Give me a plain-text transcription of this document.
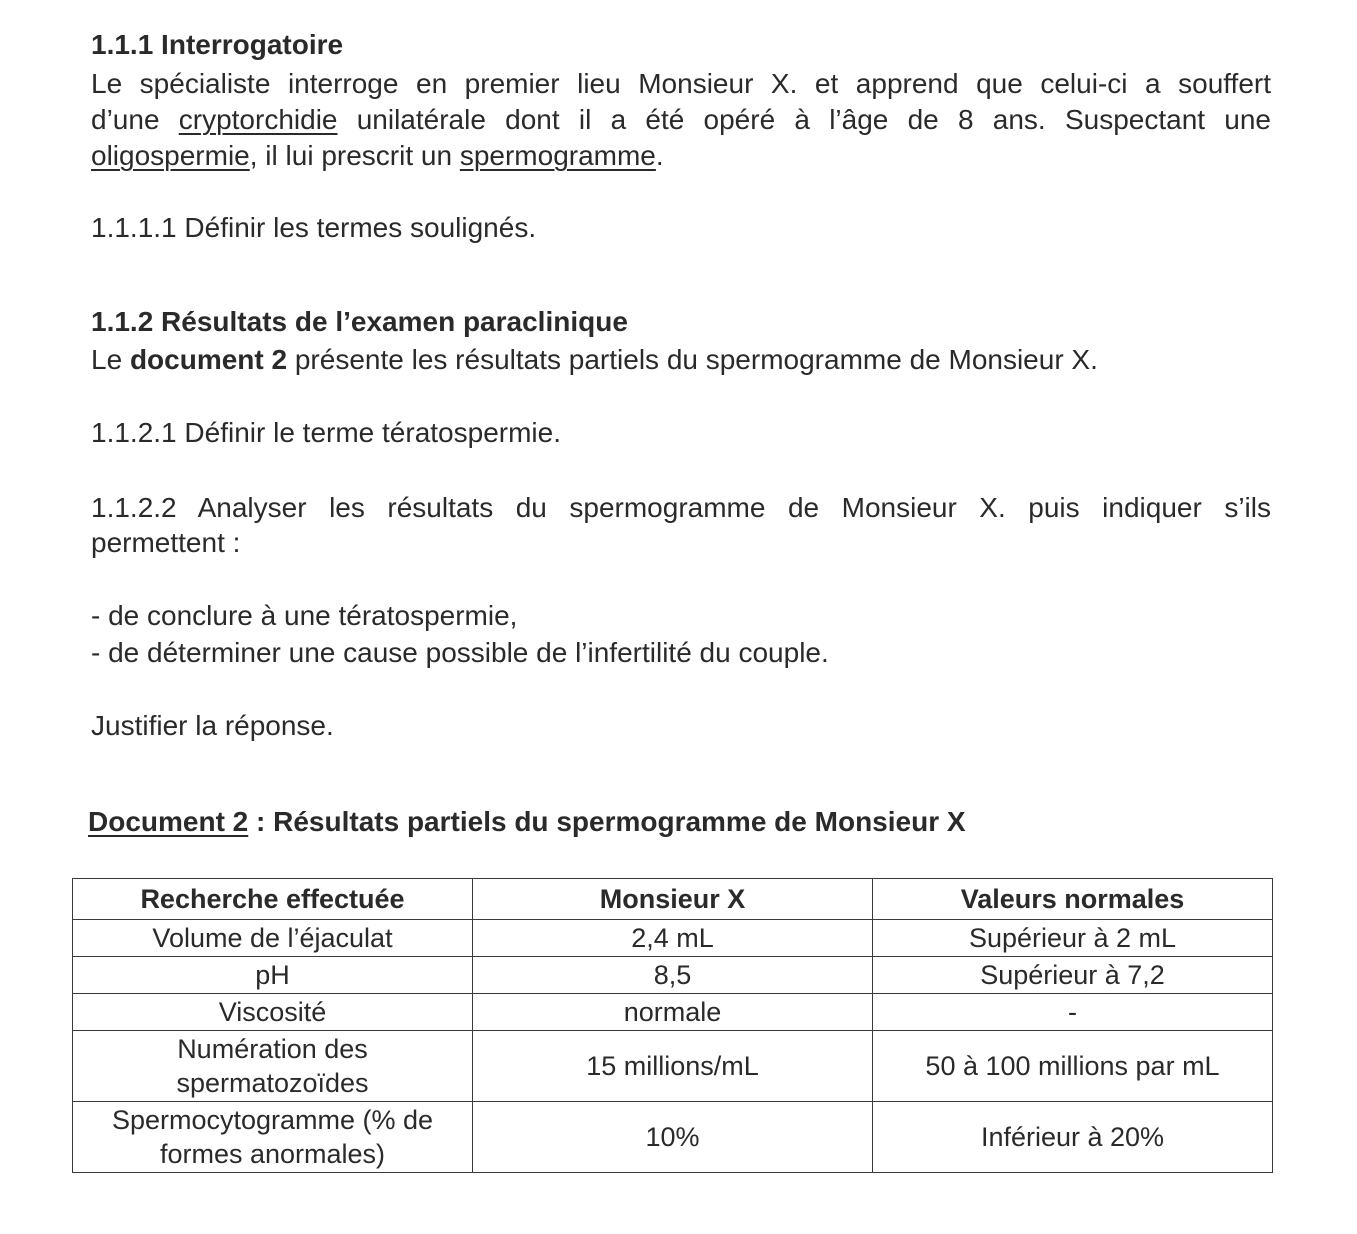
1.1.1 Interrogatoire
Le spécialiste interroge en premier lieu Monsieur X. et apprend que celui-ci a souffert
d’une cryptorchidie unilatérale dont il a été opéré à l’âge de 8 ans. Suspectant une
oligospermie, il lui prescrit un spermogramme.
1.1.1.1 Définir les termes soulignés.
1.1.2 Résultats de l’examen paraclinique
Le document 2 présente les résultats partiels du spermogramme de Monsieur X.
1.1.2.1 Définir le terme tératospermie.
1.1.2.2 Analyser les résultats du spermogramme de Monsieur X. puis indiquer s’ils
permettent :
- de conclure à une tératospermie,
- de déterminer une cause possible de l’infertilité du couple.
Justifier la réponse.
Document 2 : Résultats partiels du spermogramme de Monsieur X
Recherche effectuée	Monsieur X	Valeurs normales
Volume de l’éjaculat	2,4 mL	Supérieur à 2 mL
pH	8,5	Supérieur à 7,2
Viscosité	normale	-
Numération des spermatozoïdes	15 millions/mL	50 à 100 millions par mL
Spermocytogramme (% de formes anormales)	10%	Inférieur à 20%
